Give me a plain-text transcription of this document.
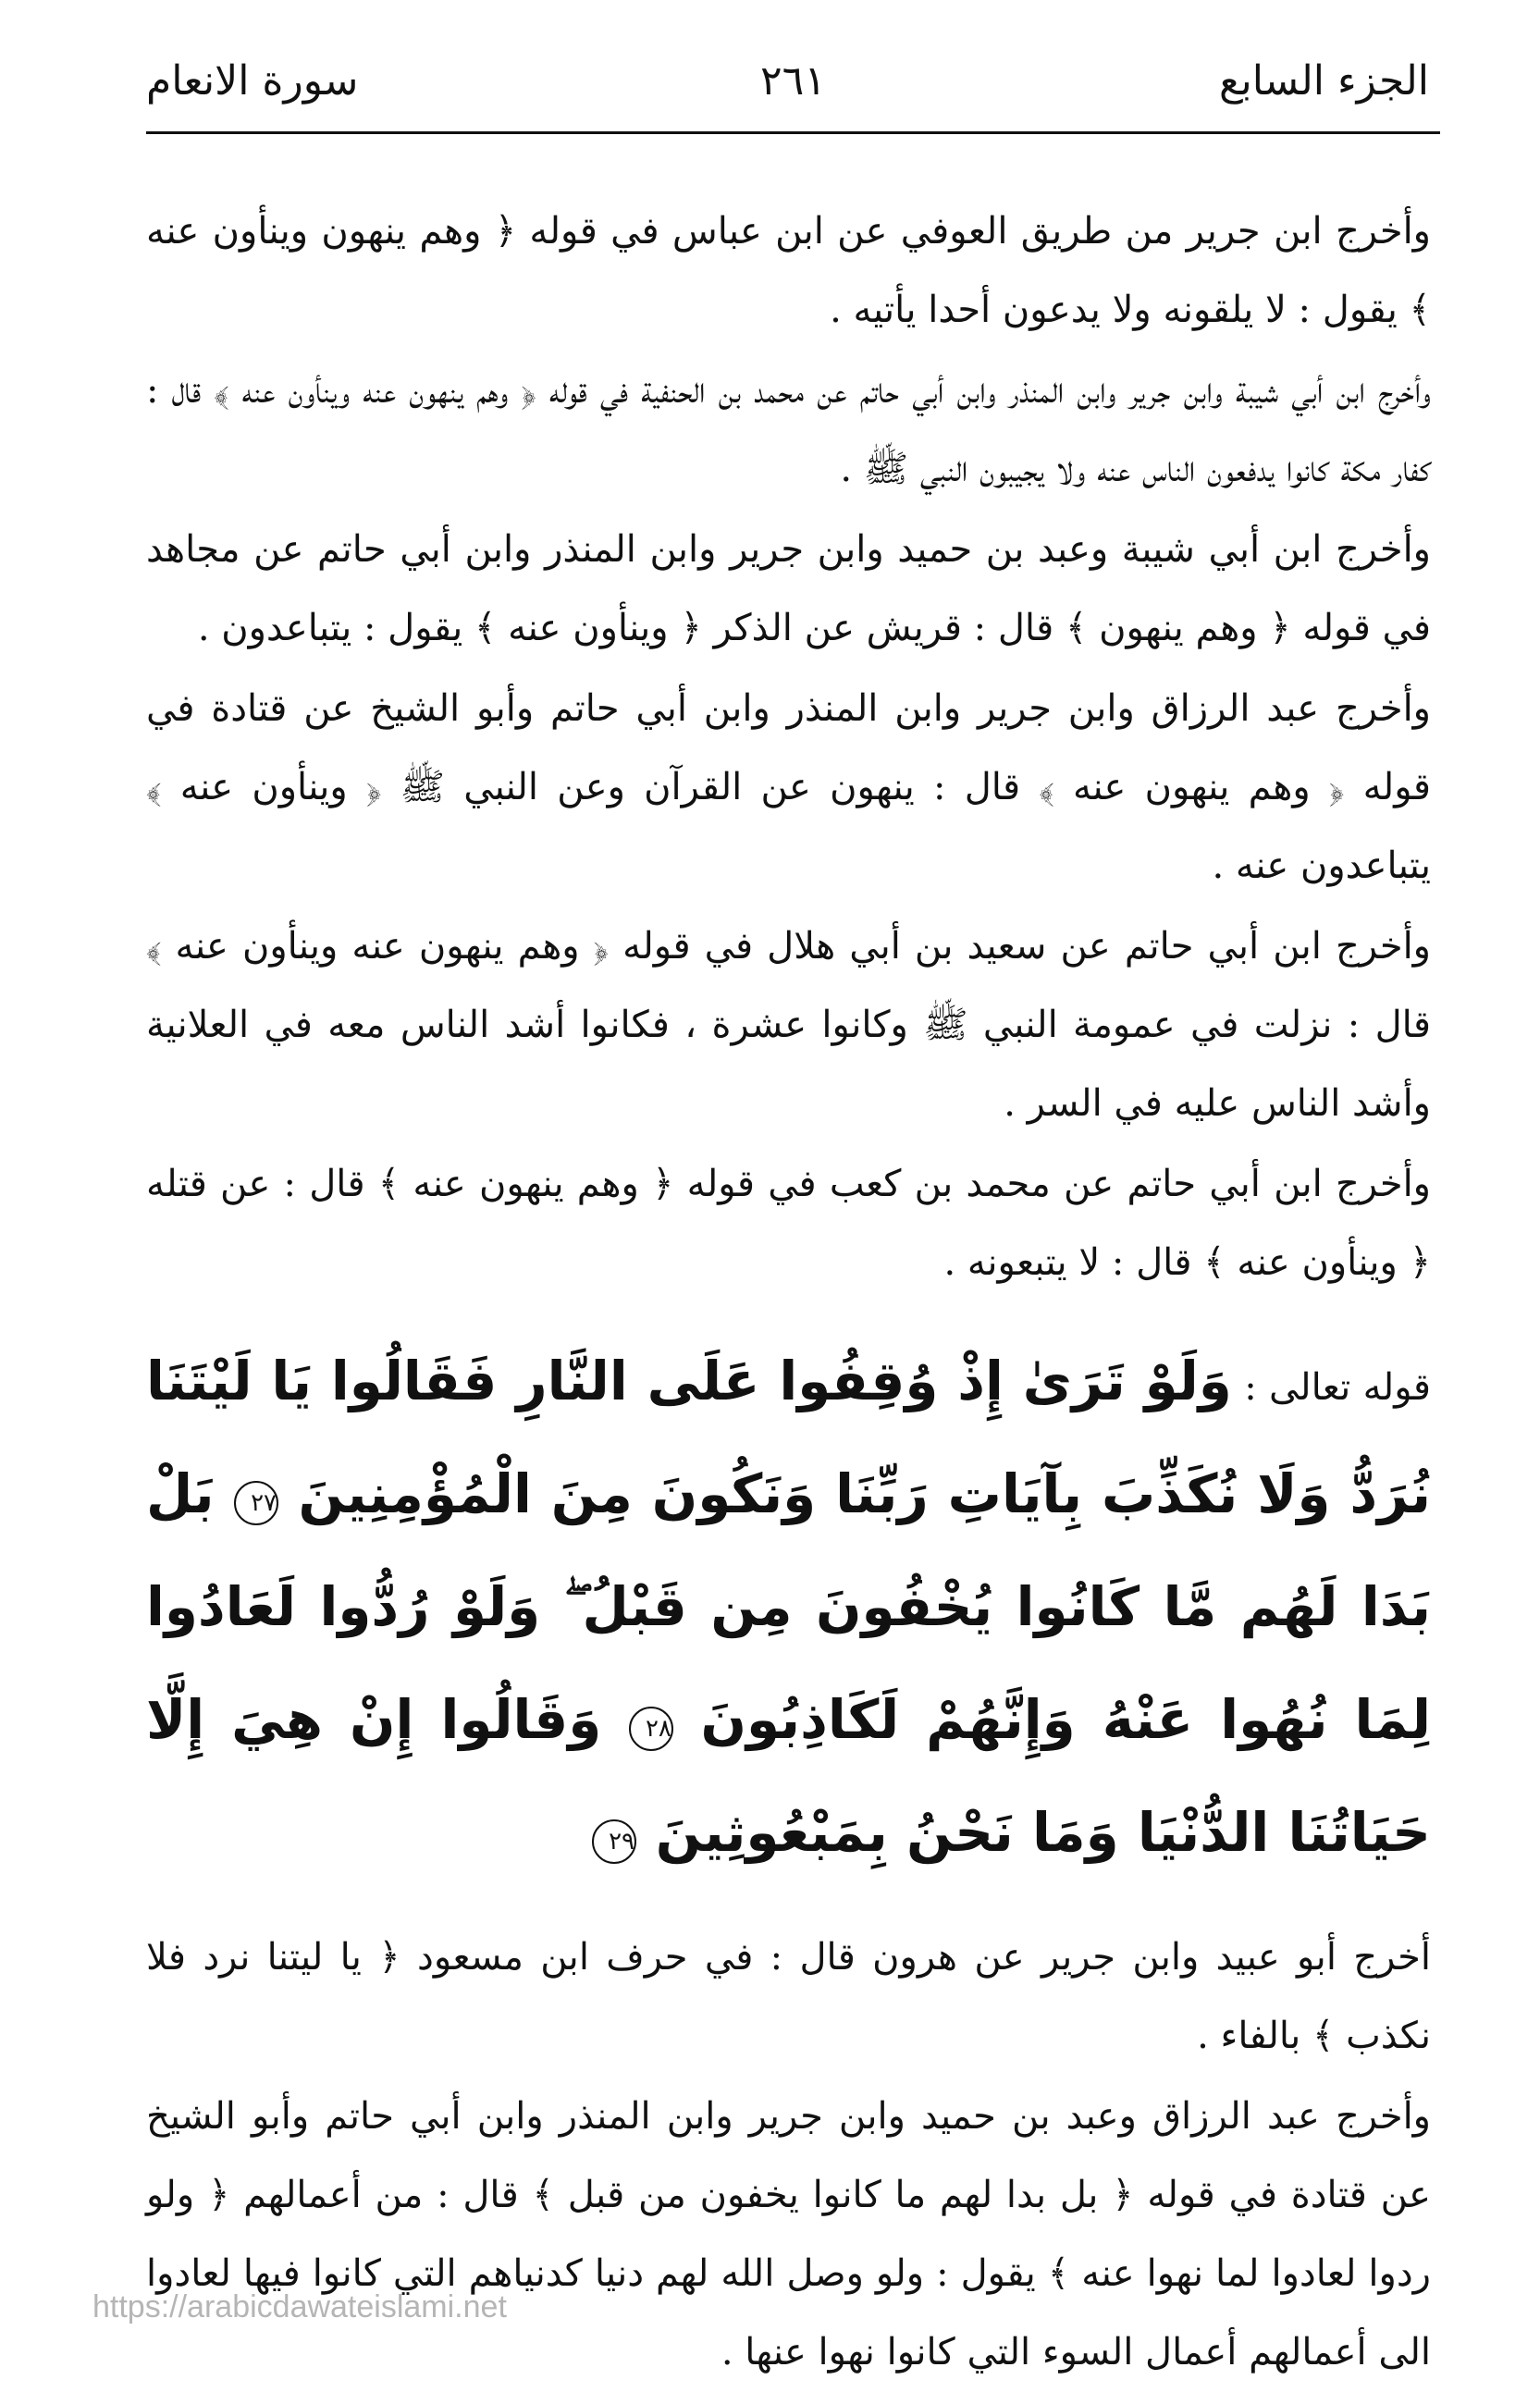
الجزء السابع
٢٦١
سورة الانعام

وأخرج ابن جرير من طريق العوفي عن ابن عباس في قوله ﴿ وهم ينهون وينأون عنه ﴾ يقول : لا يلقونه ولا يدعون أحدا يأتيه .

وأخرج ابن أبي شيبة وابن جرير وابن المنذر وابن أبي حاتم عن محمد بن الحنفية في قوله ﴿ وهم ينهون عنه وينأون عنه ﴾ قال : كفار مكة كانوا يدفعون الناس عنه ولا يجيبون النبي ﷺ .

وأخرج ابن أبي شيبة وعبد بن حميد وابن جرير وابن المنذر وابن أبي حاتم عن مجاهد في قوله ﴿ وهم ينهون ﴾ قال : قريش عن الذكر ﴿ وينأون عنه ﴾ يقول : يتباعدون .

وأخرج عبد الرزاق وابن جرير وابن المنذر وابن أبي حاتم وأبو الشيخ عن قتادة في قوله ﴿ وهم ينهون عنه ﴾ قال : ينهون عن القرآن وعن النبي ﷺ ﴿ وينأون عنه ﴾ يتباعدون عنه .

وأخرج ابن أبي حاتم عن سعيد بن أبي هلال في قوله ﴿ وهم ينهون عنه وينأون عنه ﴾ قال : نزلت في عمومة النبي ﷺ وكانوا عشرة ، فكانوا أشد الناس معه في العلانية وأشد الناس عليه في السر .

وأخرج ابن أبي حاتم عن محمد بن كعب في قوله ﴿ وهم ينهون عنه ﴾ قال : عن قتله ﴿ وينأون عنه ﴾ قال : لا يتبعونه .

قوله تعالى : وَلَوْ تَرَىٰ إِذْ وُقِفُوا عَلَى النَّارِ فَقَالُوا يَا لَيْتَنَا نُرَدُّ وَلَا نُكَذِّبَ بِآيَاتِ رَبِّنَا وَنَكُونَ مِنَ الْمُؤْمِنِينَ ٢٧ بَلْ بَدَا لَهُم مَّا كَانُوا يُخْفُونَ مِن قَبْلُ ۖ وَلَوْ رُدُّوا لَعَادُوا لِمَا نُهُوا عَنْهُ وَإِنَّهُمْ لَكَاذِبُونَ ٢٨ وَقَالُوا إِنْ هِيَ إِلَّا حَيَاتُنَا الدُّنْيَا وَمَا نَحْنُ بِمَبْعُوثِينَ ٢٩

أخرج أبو عبيد وابن جرير عن هرون قال : في حرف ابن مسعود ﴿ يا ليتنا نرد فلا نكذب ﴾ بالفاء .

وأخرج عبد الرزاق وعبد بن حميد وابن جرير وابن المنذر وابن أبي حاتم وأبو الشيخ عن قتادة في قوله ﴿ بل بدا لهم ما كانوا يخفون من قبل ﴾ قال : من أعمالهم ﴿ ولو ردوا لعادوا لما نهوا عنه ﴾ يقول : ولو وصل الله لهم دنيا كدنياهم التي كانوا فيها لعادوا الى أعمالهم أعمال السوء التي كانوا نهوا عنها .

https://arabicdawateislami.net
